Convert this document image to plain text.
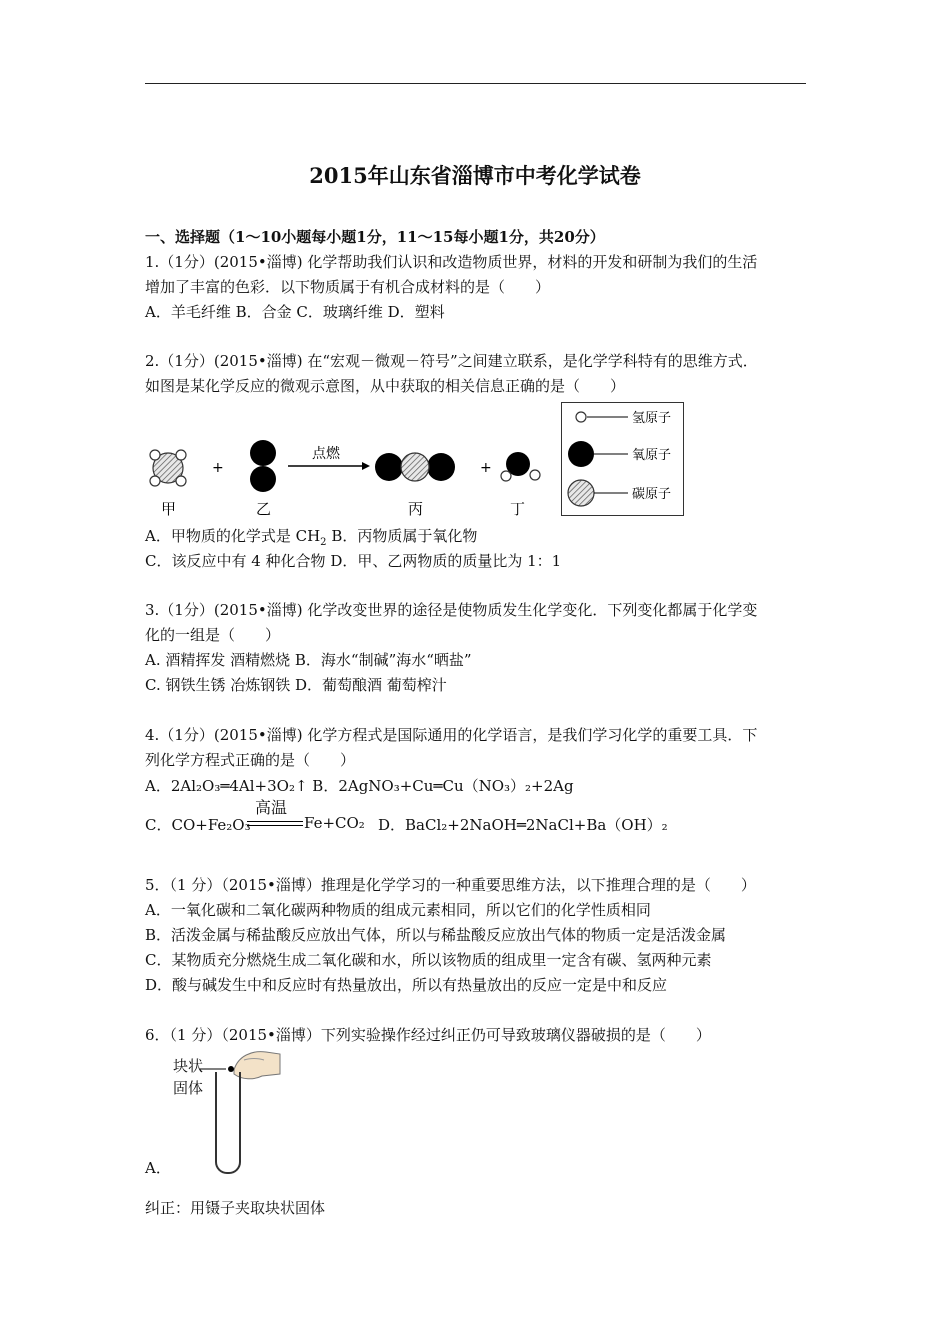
2015年山东省淄博市中考化学试卷
一、选择题（1～10小题每小题1分，11～15每小题1分，共20分）
1.（1分）(2015•淄博) 化学帮助我们认识和改造物质世界，材料的开发和研制为我们的生活
增加了丰富的色彩．以下物质属于有机合成材料的是（　　）
A．羊毛纤维 B．合金 C．玻璃纤维 D．塑料
2.（1分）(2015•淄博) 在“宏观－微观－符号”之间建立联系，是化学学科特有的思维方式．
如图是某化学反应的微观示意图，从中获取的相关信息正确的是（　　）
+
点燃
+
甲	乙	丙	丁
氢原子
氧原子
碳原子
A．甲物质的化学式是 $CH_2$ B．丙物质属于氧化物
C．该反应中有 4 种化合物 D．甲、乙两物质的质量比为 1：1
3.（1分）(2015•淄博) 化学改变世界的途径是使物质发生化学变化．下列变化都属于化学变
化的一组是（　　）
A. 酒精挥发 酒精燃烧 B．海水“制碱”海水“晒盐”
C. 钢铁生锈 冶炼钢铁 D．葡萄酿酒 葡萄榨汁
4.（1分）(2015•淄博) 化学方程式是国际通用的化学语言，是我们学习化学的重要工具．下
列化学方程式正确的是（　　）
A．2Al₂O₃═4Al+3O₂↑ B．2AgNO₃+Cu═Cu（NO₃）₂+2Ag
C．CO+Fe₂O₃
高温
Fe+CO₂ D．BaCl₂+2NaOH═2NaCl+Ba（OH）₂
5．（1 分）（2015•淄博）推理是化学学习的一种重要思维方法，以下推理合理的是（　　）
A．一氧化碳和二氧化碳两种物质的组成元素相同，所以它们的化学性质相同
B．活泼金属与稀盐酸反应放出气体，所以与稀盐酸反应放出气体的物质一定是活泼金属
C．某物质充分燃烧生成二氧化碳和水，所以该物质的组成里一定含有碳、氢两种元素
D．酸与碱发生中和反应时有热量放出，所以有热量放出的反应一定是中和反应
6．（1 分）（2015•淄博）下列实验操作经过纠正仍可导致玻璃仪器破损的是（　　）
块状
固体
A．
纠正：用镊子夹取块状固体
